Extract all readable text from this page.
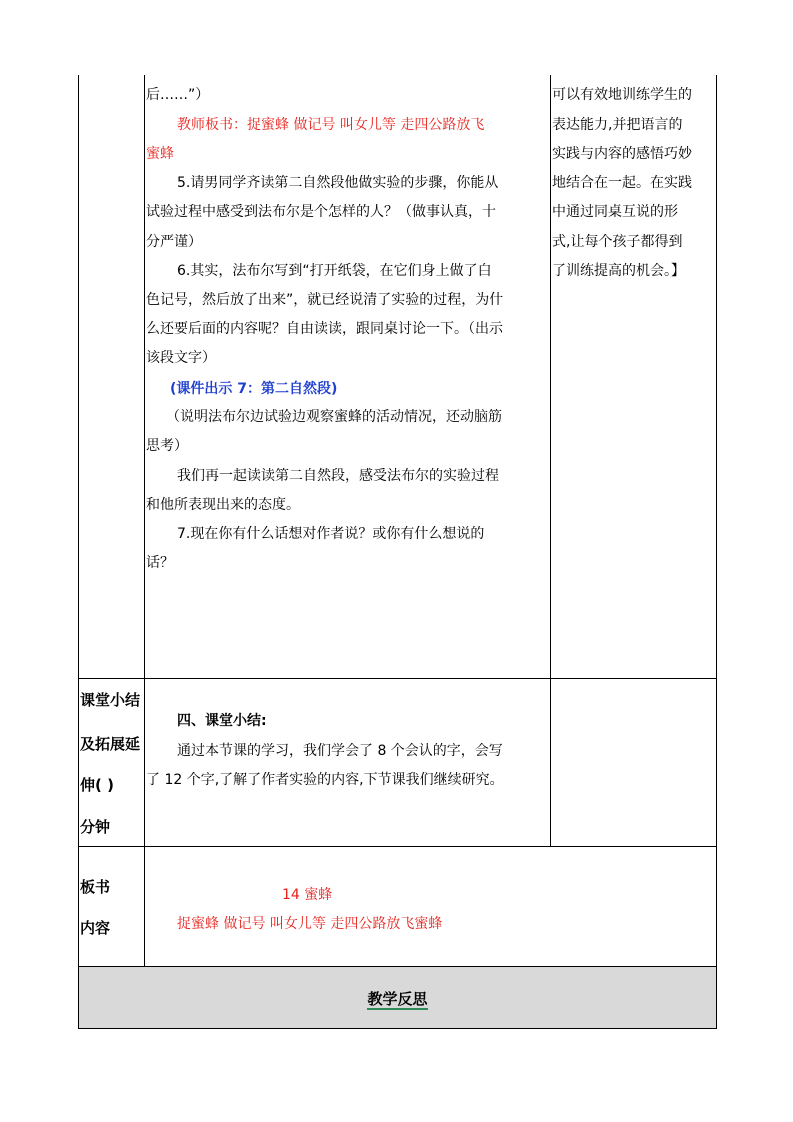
后……”）
教师板书：捉蜜蜂 做记号 叫女儿等 走四公路放飞
蜜蜂
5.请男同学齐读第二自然段他做实验的步骤，你能从
试验过程中感受到法布尔是个怎样的人？（做事认真，十
分严谨）
6.其实，法布尔写到“打开纸袋，在它们身上做了白
色记号，然后放了出来”，就已经说清了实验的过程，为什
么还要后面的内容呢？自由读读，跟同桌讨论一下。（出示
该段文字）
(课件出示 7：第二自然段)
（说明法布尔边试验边观察蜜蜂的活动情况，还动脑筋
思考）
我们再一起读读第二自然段，感受法布尔的实验过程
和他所表现出来的态度。
7.现在你有什么话想对作者说？或你有什么想说的
话？
可以有效地训练学生的
表达能力,并把语言的
实践与内容的感悟巧妙
地结合在一起。在实践
中通过同桌互说的形
式,让每个孩子都得到
了训练提高的机会。】
课堂小结
及拓展延
伸( )
分钟
四、课堂小结:
通过本节课的学习，我们学会了 8 个会认的字，会写
了 12 个字,了解了作者实验的内容,下节课我们继续研究。
板书
内容
14 蜜蜂
捉蜜蜂 做记号 叫女儿等 走四公路放飞蜜蜂
教学反思
